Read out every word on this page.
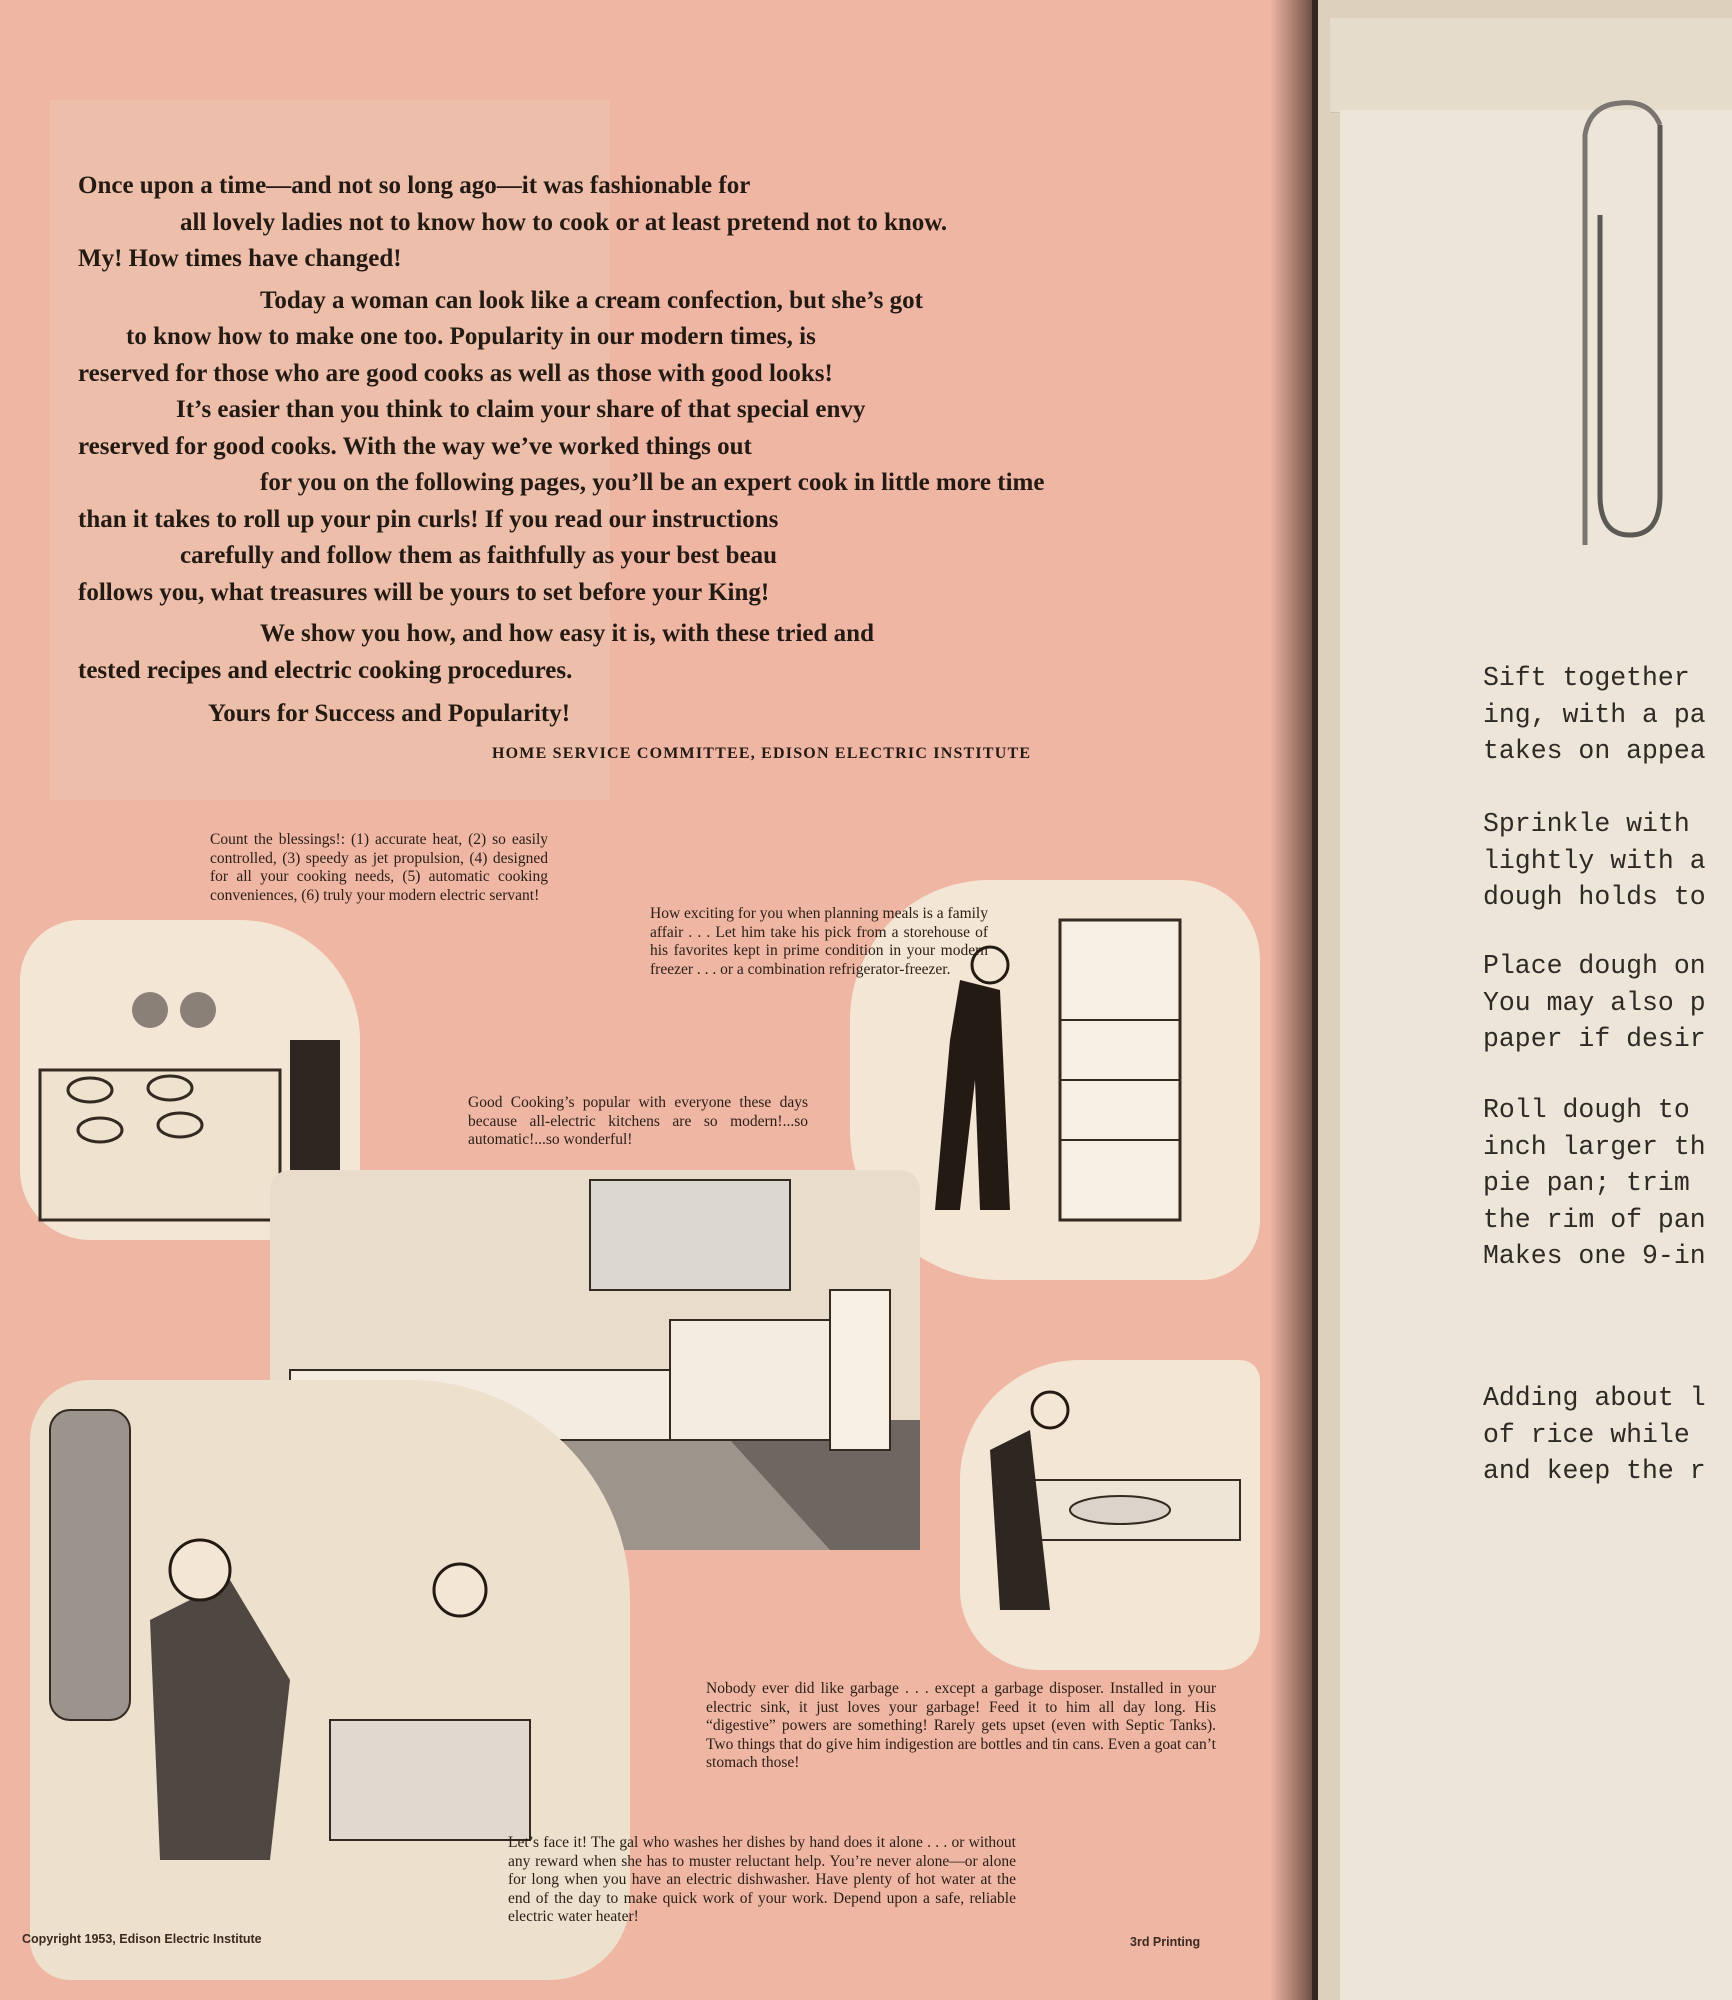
Once upon a time—and not so long ago—it was fashionable for

all lovely ladies not to know how to cook or at least pretend not to know.

My! How times have changed!

Today a woman can look like a cream confection, but she’s got

to know how to make one too. Popularity in our modern times, is

reserved for those who are good cooks as well as those with good looks!

It’s easier than you think to claim your share of that special envy

reserved for good cooks. With the way we’ve worked things out

for you on the following pages, you’ll be an expert cook in little more time

than it takes to roll up your pin curls! If you read our instructions

carefully and follow them as faithfully as your best beau

follows you, what treasures will be yours to set before your King!

We show you how, and how easy it is, with these tried and

tested recipes and electric cooking procedures.

Yours for Success and Popularity!
HOME SERVICE COMMITTEE, EDISON ELECTRIC INSTITUTE
Count the blessings!: (1) accurate heat, (2) so easily controlled, (3) speedy as jet propulsion, (4) designed for all your cooking needs, (5) automatic cooking conveniences, (6) truly your modern electric servant!
How exciting for you when planning meals is a family affair . . . Let him take his pick from a storehouse of his favorites kept in prime condition in your modern freezer . . . or a combination refrigerator-freezer.
Good Cooking’s popular with everyone these days because all-electric kitchens are so modern!...so automatic!...so wonderful!
Nobody ever did like garbage . . . except a garbage disposer. Installed in your electric sink, it just loves your garbage! Feed it to him all day long. His “digestive” powers are something! Rarely gets upset (even with Septic Tanks). Two things that do give him indigestion are bottles and tin cans. Even a goat can’t stomach those!
Let’s face it! The gal who washes her dishes by hand does it alone . . . or without any reward when she has to muster reluctant help. You’re never alone—or alone for long when you have an electric dishwasher. Have plenty of hot water at the end of the day to make quick work of your work. Depend upon a safe, reliable electric water heater!
Copyright 1953, Edison Electric Institute	3rd Printing
Sift together
ing, with a pa
takes on appea
Sprinkle with
lightly with a
dough holds to
Place dough on
You may also p
paper if desir
Roll dough to
inch larger th
pie pan; trim
the rim of pan
Makes one 9-in
Adding about l
of rice while
and keep the r
